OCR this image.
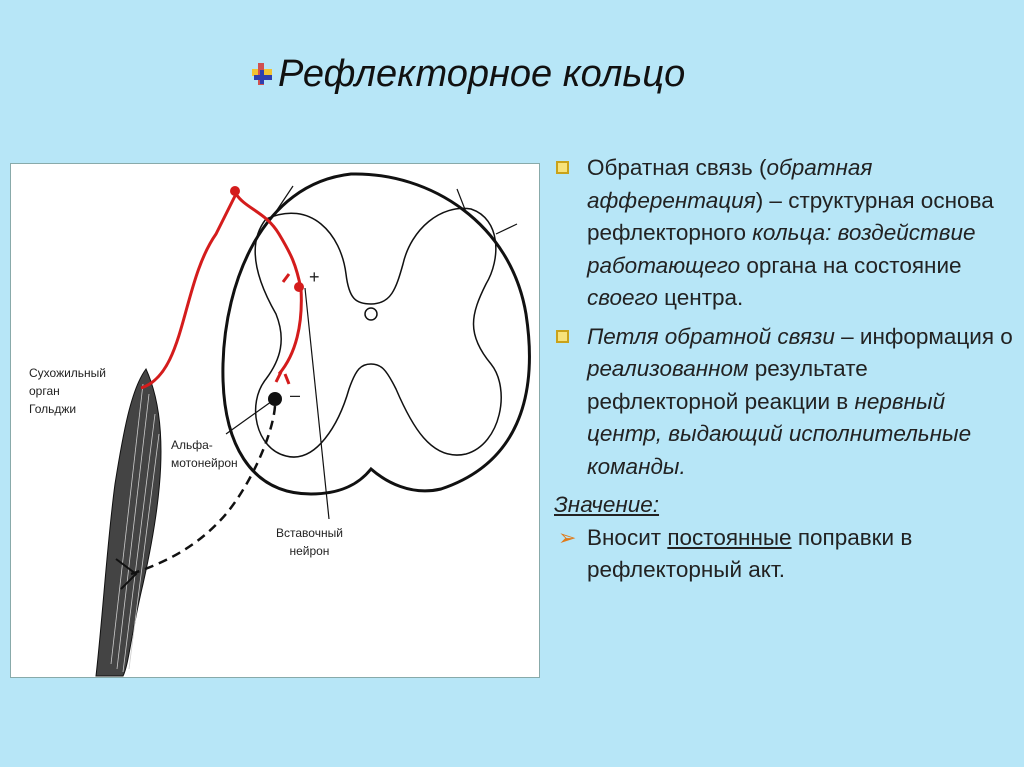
Рефлекторное кольцо
Сухожильный
орган
Гольджи
Альфа-
мотонейрон
Вставочный
нейрон
+
–
Обратная связь (обратная афферентация) – структурная основа рефлекторного кольца: воздействие работающего органа на состояние своего центра.
Петля обратной связи – информация о реализованном результате рефлекторной реакции в нервный центр, выдающий исполнительные команды.
Значение:
➢ Вносит постоянные поправки в рефлекторный акт.
